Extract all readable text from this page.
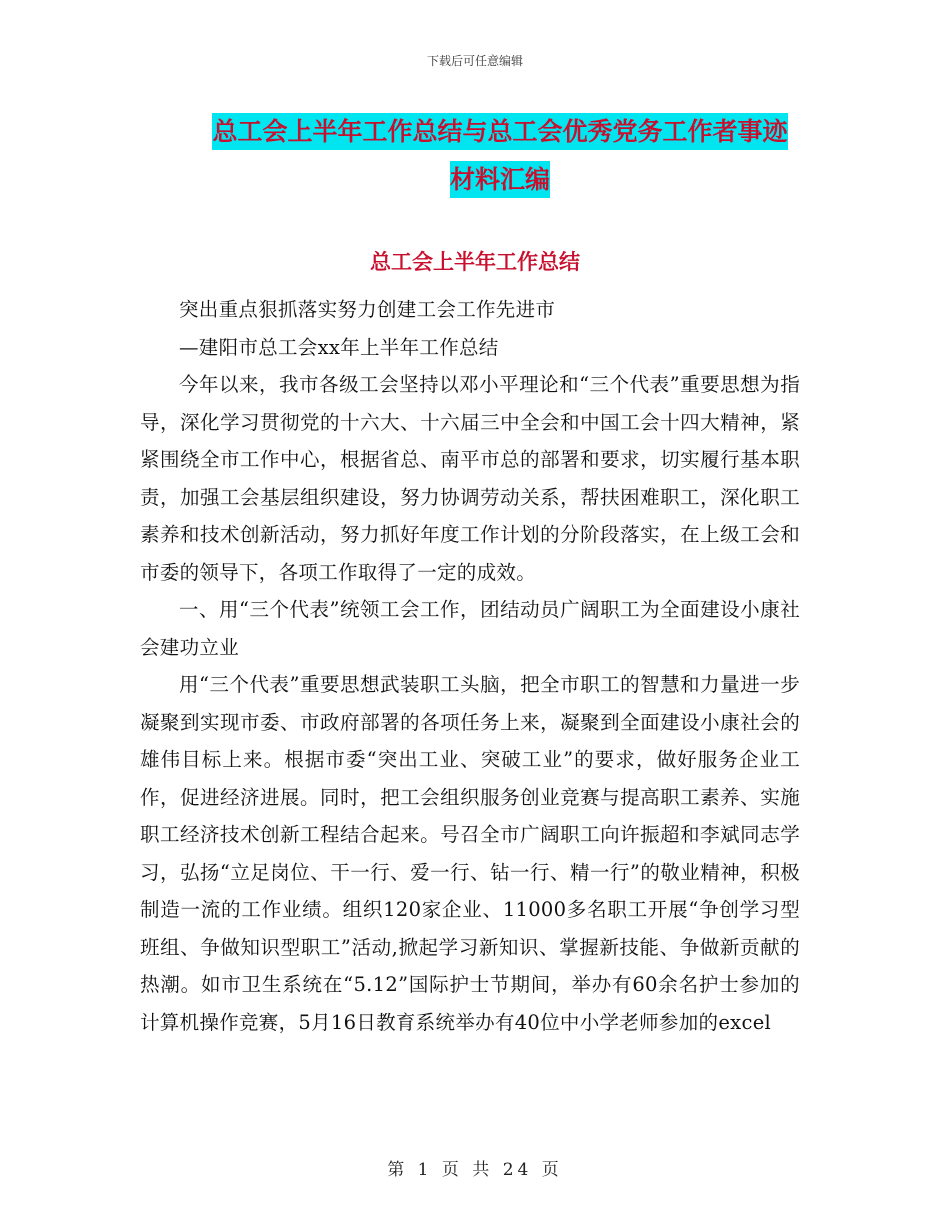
下载后可任意编辑
总工会上半年工作总结与总工会优秀党务工作者事迹
材料汇编
总工会上半年工作总结

突出重点狠抓落实努力创建工会工作先进市

—建阳市总工会xx年上半年工作总结

今年以来，我市各级工会坚持以邓小平理论和“三个代表”重要思想为指导，深化学习贯彻党的十六大、十六届三中全会和中国工会十四大精神，紧紧围绕全市工作中心，根据省总、南平市总的部署和要求，切实履行基本职责，加强工会基层组织建设，努力协调劳动关系，帮扶困难职工，深化职工素养和技术创新活动，努力抓好年度工作计划的分阶段落实，在上级工会和市委的领导下，各项工作取得了一定的成效。

一、用“三个代表”统领工会工作，团结动员广阔职工为全面建设小康社会建功立业

用“三个代表”重要思想武装职工头脑，把全市职工的智慧和力量进一步凝聚到实现市委、市政府部署的各项任务上来，凝聚到全面建设小康社会的雄伟目标上来。根据市委“突出工业、突破工业”的要求，做好服务企业工作，促进经济进展。同时，把工会组织服务创业竞赛与提高职工素养、实施职工经济技术创新工程结合起来。号召全市广阔职工向许振超和李斌同志学习，弘扬“立足岗位、干一行、爱一行、钻一行、精一行”的敬业精神，积极制造一流的工作业绩。组织120家企业、11000多名职工开展“争创学习型班组、争做知识型职工”活动,掀起学习新知识、掌握新技能、争做新贡献的热潮。如市卫生系统在“5.12”国际护士节期间，举办有60余名护士参加的计算机操作竞赛，5月16日教育系统举办有40位中小学老师参加的excel

第 1 页 共 24 页
